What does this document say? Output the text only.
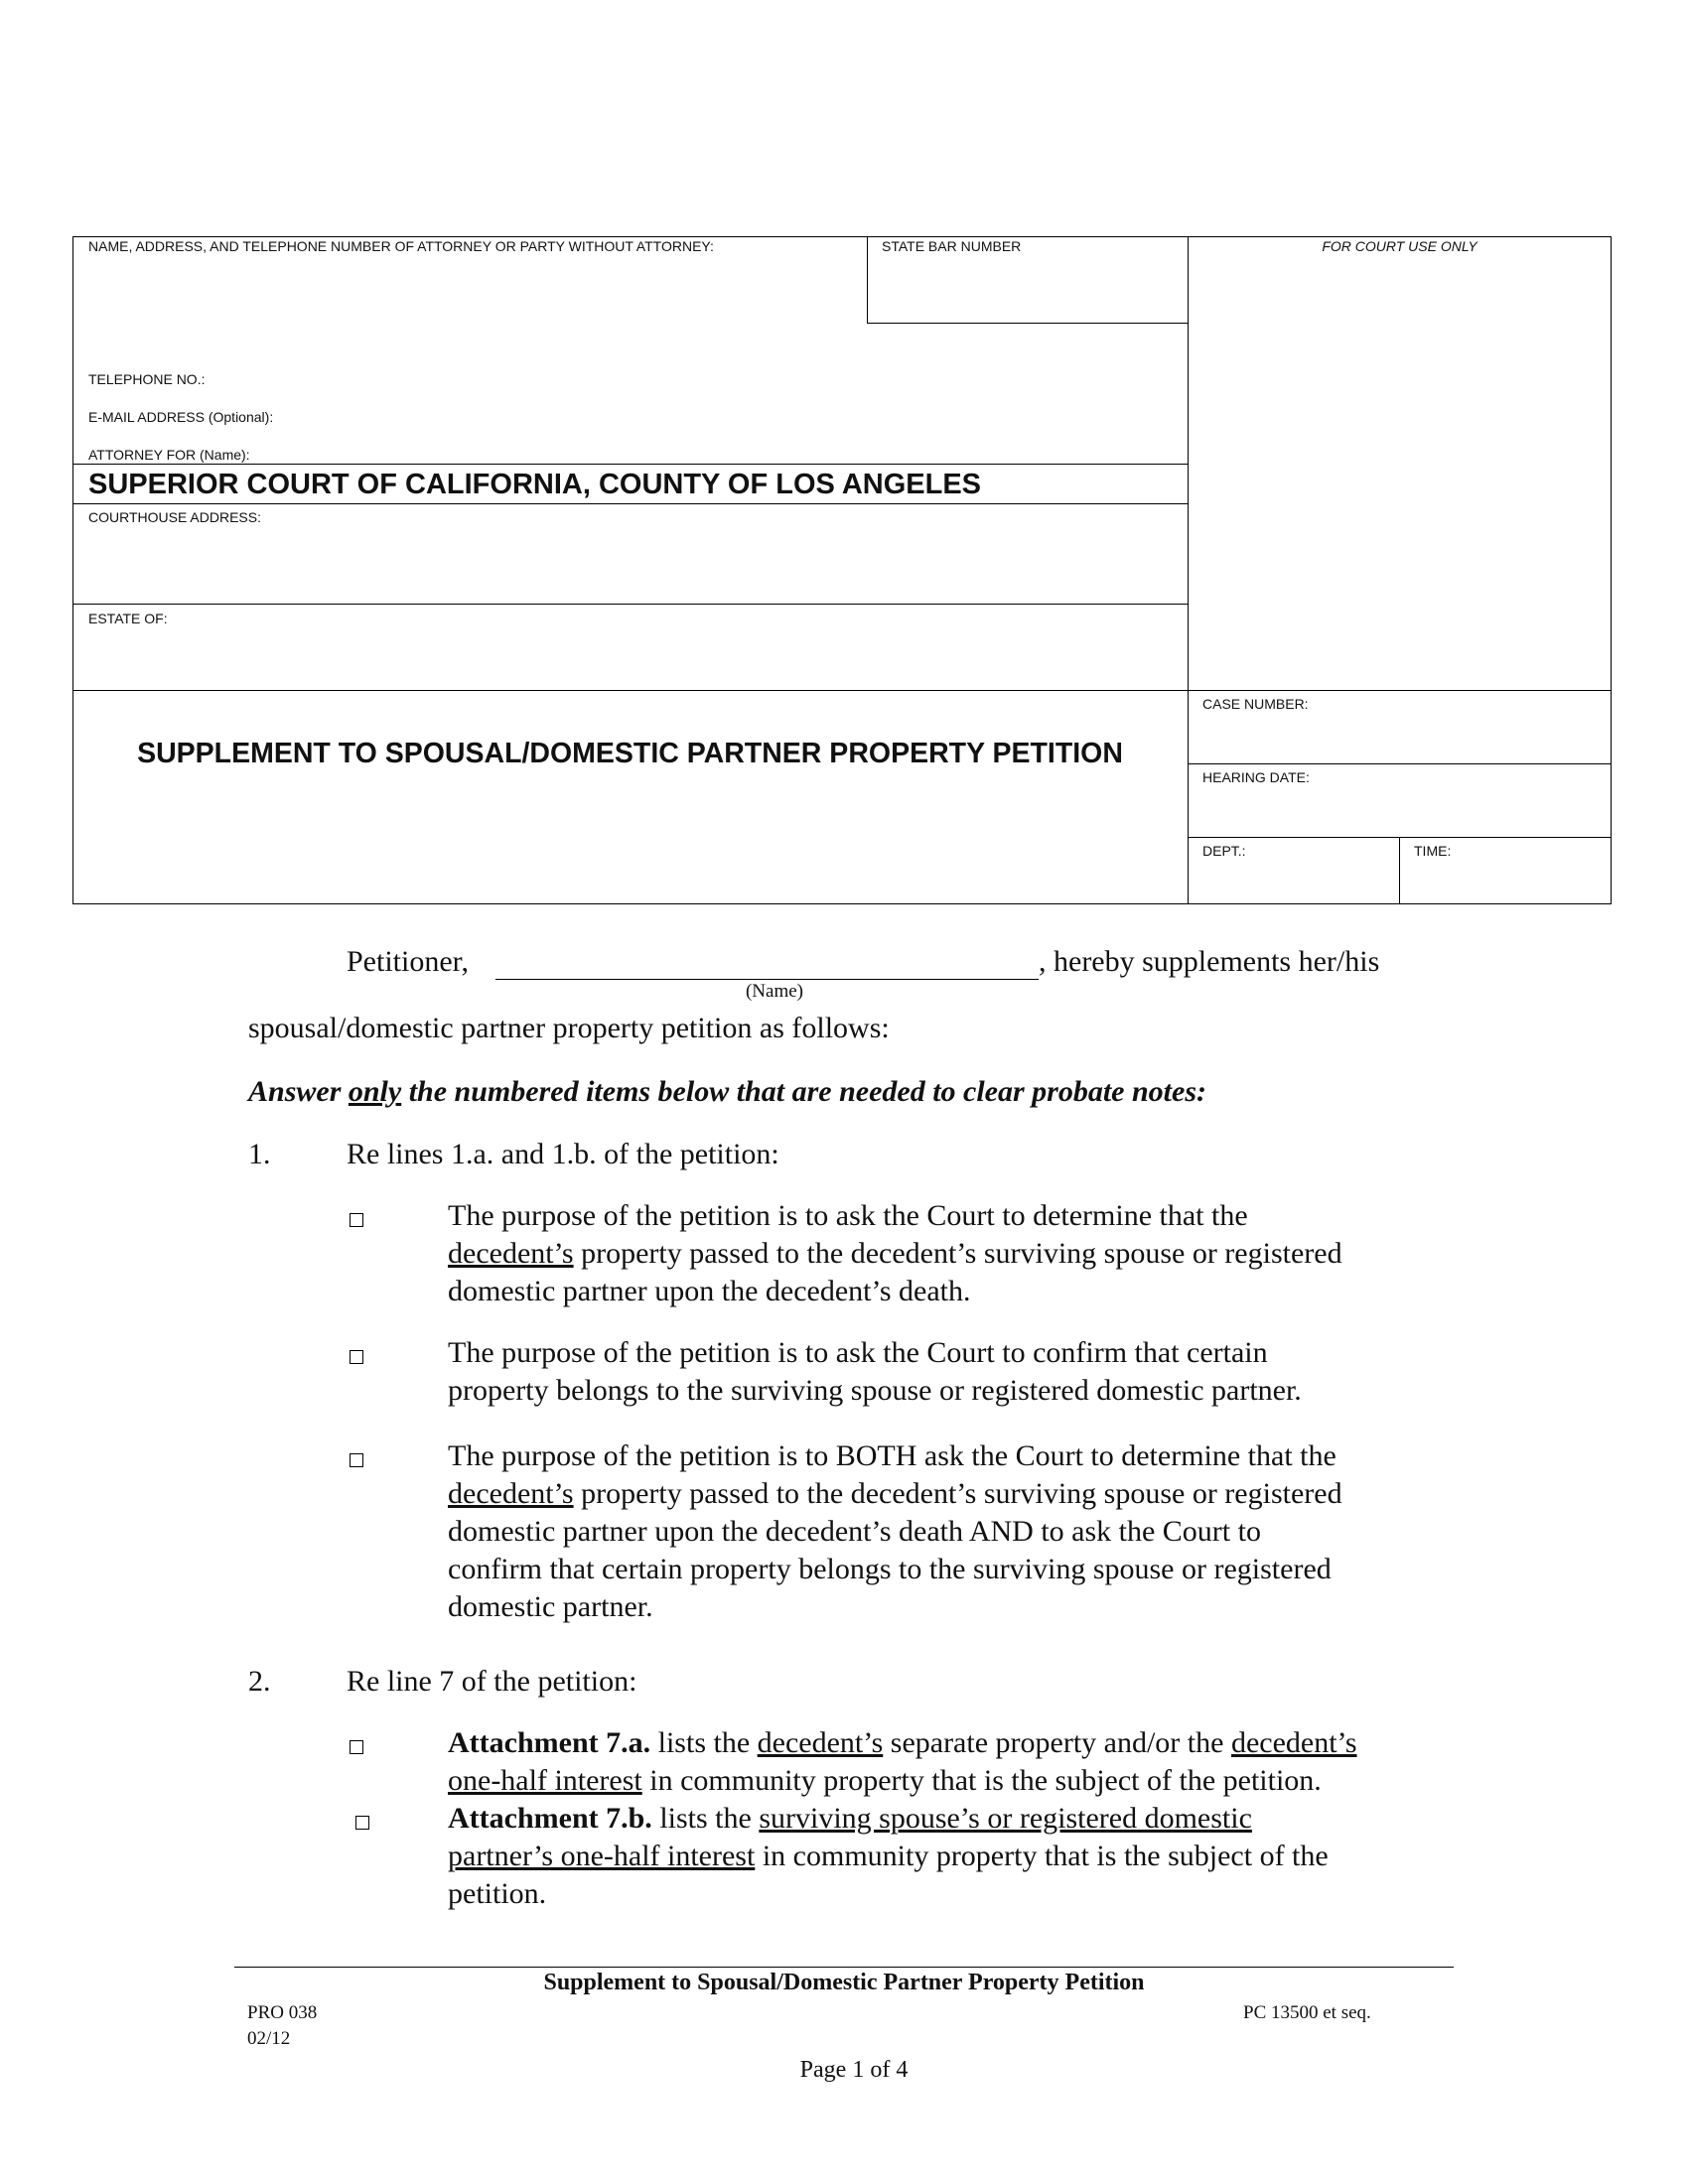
NAME, ADDRESS, AND TELEPHONE NUMBER OF ATTORNEY OR PARTY WITHOUT ATTORNEY:	STATE BAR NUMBER	FOR COURT USE ONLY
TELEPHONE NO.:
E-MAIL ADDRESS (Optional):
ATTORNEY FOR (Name):
SUPERIOR COURT OF CALIFORNIA, COUNTY OF LOS ANGELES
COURTHOUSE ADDRESS:
ESTATE OF:
SUPPLEMENT TO SPOUSAL/DOMESTIC PARTNER PROPERTY PETITION
CASE NUMBER:
HEARING DATE:
DEPT.:	TIME:
Petitioner,	, hereby supplements her/his
(Name)
spousal/domestic partner property petition as follows:
Answer only the numbered items below that are needed to clear probate notes:
1.	Re lines 1.a. and 1.b. of the petition:
The purpose of the petition is to ask the Court to determine that the
decedent’s property passed to the decedent’s surviving spouse or registered
domestic partner upon the decedent’s death.
The purpose of the petition is to ask the Court to confirm that certain
property belongs to the surviving spouse or registered domestic partner.
The purpose of the petition is to BOTH ask the Court to determine that the
decedent’s property passed to the decedent’s surviving spouse or registered
domestic partner upon the decedent’s death AND to ask the Court to
confirm that certain property belongs to the surviving spouse or registered
domestic partner.
2.	Re line 7 of the petition:
Attachment 7.a. lists the decedent’s separate property and/or the decedent’s
one-half interest in community property that is the subject of the petition.
Attachment 7.b. lists the surviving spouse’s or registered domestic
partner’s one-half interest in community property that is the subject of the
petition.
Supplement to Spousal/Domestic Partner Property Petition
PRO 038
02/12
PC 13500 et seq.
Page 1 of 4
